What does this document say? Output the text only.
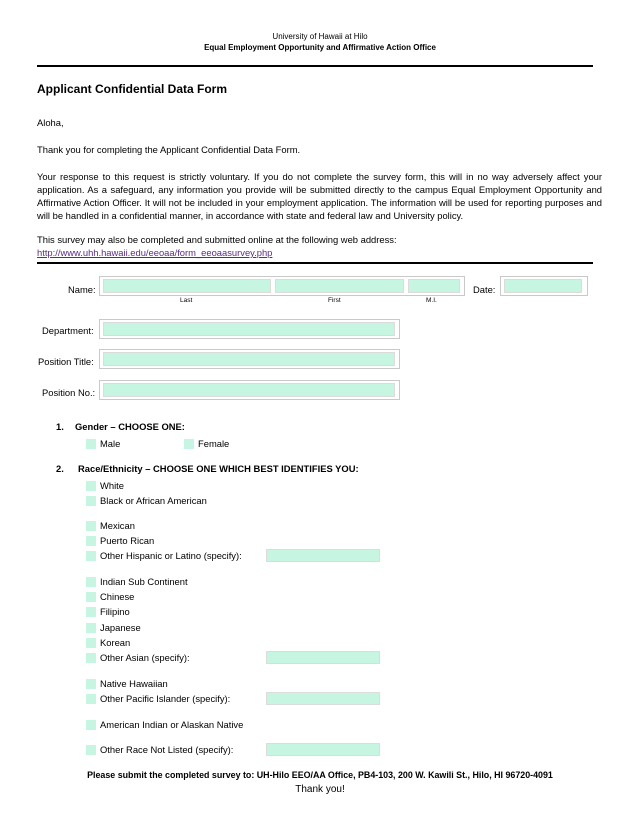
University of Hawaii at Hilo
Equal Employment Opportunity and Affirmative Action Office
Applicant Confidential Data Form
Aloha,
Thank you for completing the Applicant Confidential Data Form.
Your response to this request is strictly voluntary. If you do not complete the survey form, this will in no way adversely affect your application. As a safeguard, any information you provide will be submitted directly to the campus Equal Employment Opportunity and Affirmative Action Officer. It will not be included in your employment application. The information will be used for reporting purposes and will be handled in a confidential manner, in accordance with state and federal law and University policy.
This survey may also be completed and submitted online at the following web address:
http://www.uhh.hawaii.edu/eeoaa/form_eeoaasurvey.php
Name:
Last	First	M.I.
Date:
Department:
Position Title:
Position No.:
1. Gender – CHOOSE ONE:
Male	Female
2. Race/Ethnicity – CHOOSE ONE WHICH BEST IDENTIFIES YOU:
White
Black or African American
Mexican
Puerto Rican
Other Hispanic or Latino (specify):
Indian Sub Continent
Chinese
Filipino
Japanese
Korean
Other Asian (specify):
Native Hawaiian
Other Pacific Islander (specify):
American Indian or Alaskan Native
Other Race Not Listed (specify):
Please submit the completed survey to: UH-Hilo EEO/AA Office, PB4-103, 200 W. Kawili St., Hilo, HI 96720-4091
Thank you!
